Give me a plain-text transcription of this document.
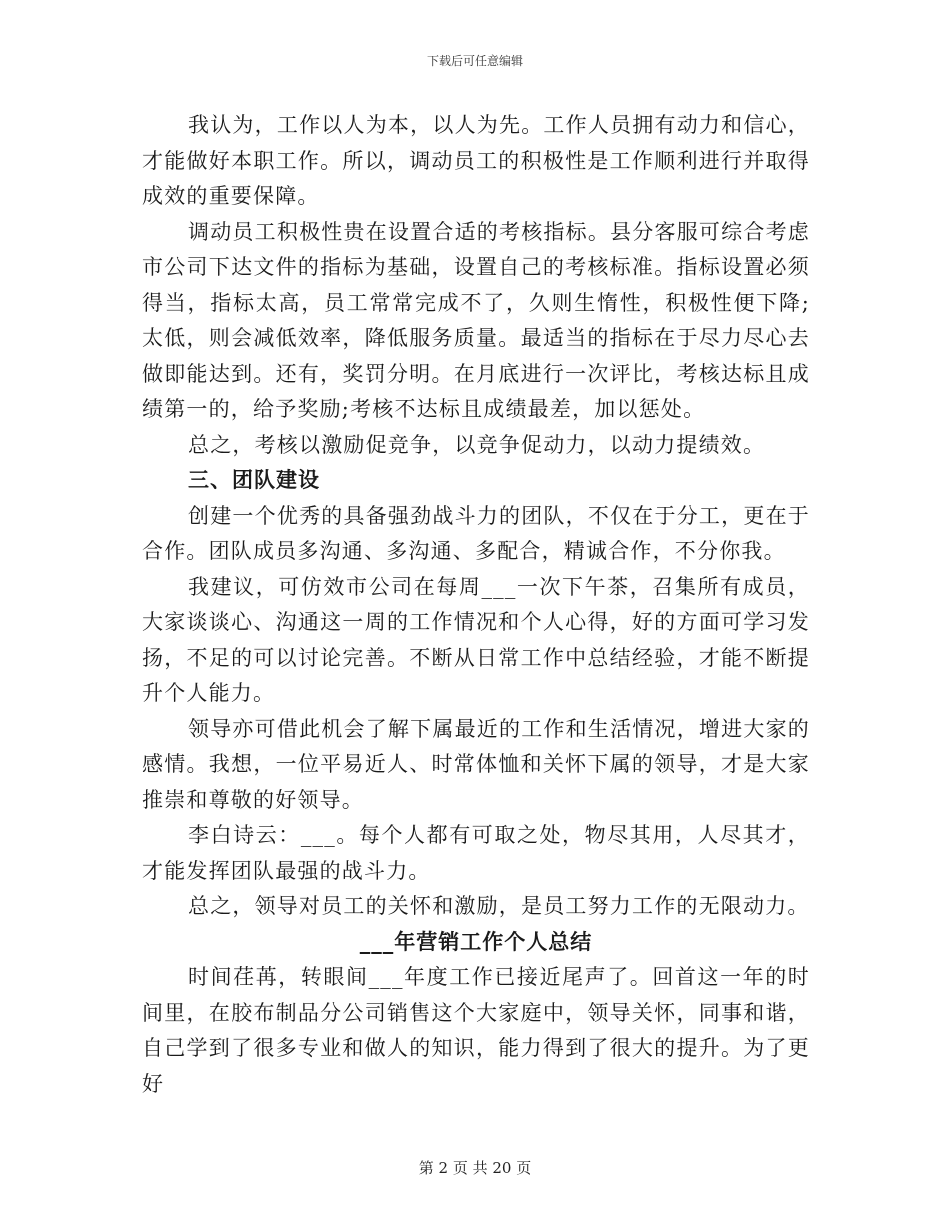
下载后可任意编辑

我认为，工作以人为本，以人为先。工作人员拥有动力和信心，才能做好本职工作。所以，调动员工的积极性是工作顺利进行并取得成效的重要保障。

调动员工积极性贵在设置合适的考核指标。县分客服可综合考虑市公司下达文件的指标为基础，设置自己的考核标准。指标设置必须得当，指标太高，员工常常完成不了，久则生惰性，积极性便下降;太低，则会减低效率，降低服务质量。最适当的指标在于尽力尽心去做即能达到。还有，奖罚分明。在月底进行一次评比，考核达标且成绩第一的，给予奖励;考核不达标且成绩最差，加以惩处。

总之，考核以激励促竞争，以竞争促动力，以动力提绩效。

三、团队建设

创建一个优秀的具备强劲战斗力的团队，不仅在于分工，更在于合作。团队成员多沟通、多沟通、多配合，精诚合作，不分你我。

我建议，可仿效市公司在每周___一次下午茶，召集所有成员，大家谈谈心、沟通这一周的工作情况和个人心得，好的方面可学习发扬，不足的可以讨论完善。不断从日常工作中总结经验，才能不断提升个人能力。

领导亦可借此机会了解下属最近的工作和生活情况，增进大家的感情。我想，一位平易近人、时常体恤和关怀下属的领导，才是大家推崇和尊敬的好领导。

李白诗云：___。每个人都有可取之处，物尽其用，人尽其才，才能发挥团队最强的战斗力。

总之，领导对员工的关怀和激励，是员工努力工作的无限动力。

___年营销工作个人总结

时间荏苒，转眼间___年度工作已接近尾声了。回首这一年的时间里，在胶布制品分公司销售这个大家庭中，领导关怀，同事和谐，自己学到了很多专业和做人的知识，能力得到了很大的提升。为了更好

第 2 页 共 20 页
